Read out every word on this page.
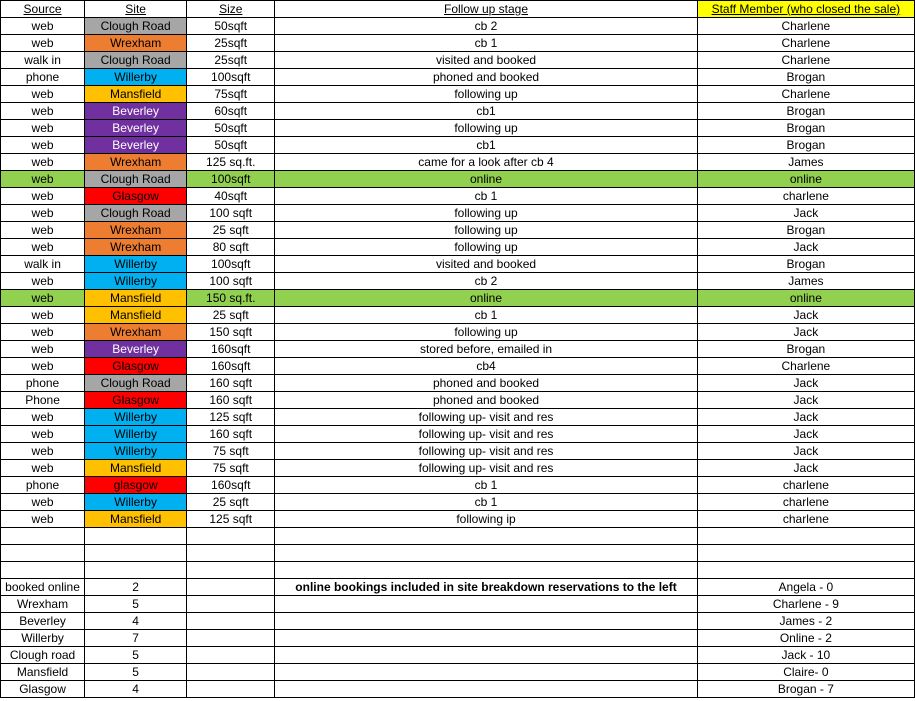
Source	Site	Size	Follow up stage	Staff Member (who closed the sale)
web	Clough Road	50sqft	cb 2	Charlene
web	Wrexham	25sqft	cb 1	Charlene
walk in	Clough Road	25sqft	visited and booked	Charlene
phone	Willerby	100sqft	phoned and booked	Brogan
web	Mansfield	75sqft	following up	Charlene
web	Beverley	60sqft	cb1	Brogan
web	Beverley	50sqft	following up	Brogan
web	Beverley	50sqft	cb1	Brogan
web	Wrexham	125 sq.ft.	came for a look after cb 4	James
web	Clough Road	100sqft	online	online
web	Glasgow	40sqft	cb 1	charlene
web	Clough Road	100 sqft	following up	Jack
web	Wrexham	25 sqft	following up	Brogan
web	Wrexham	80 sqft	following up	Jack
walk in	Willerby	100sqft	visited and booked	Brogan
web	Willerby	100 sqft	cb 2	James
web	Mansfield	150 sq.ft.	online	online
web	Mansfield	25 sqft	cb 1	Jack
web	Wrexham	150 sqft	following up	Jack
web	Beverley	160sqft	stored before, emailed in	Brogan
web	Glasgow	160sqft	cb4	Charlene
phone	Clough Road	160 sqft	phoned and booked	Jack
Phone	Glasgow	160 sqft	phoned and booked	Jack
web	Willerby	125 sqft	following up- visit and res	Jack
web	Willerby	160 sqft	following up- visit and res	Jack
web	Willerby	75 sqft	following up- visit and res	Jack
web	Mansfield	75 sqft	following up- visit and res	Jack
phone	glasgow	160sqft	cb 1	charlene
web	Willerby	25 sqft	cb 1	charlene
web	Mansfield	125 sqft	following ip	charlene

booked online	2		online bookings included in site breakdown reservations to the left	Angela - 0
Wrexham	5			Charlene - 9
Beverley	4			James - 2
Willerby	7			Online - 2
Clough road	5			Jack - 10
Mansfield	5			Claire- 0
Glasgow	4			Brogan - 7
